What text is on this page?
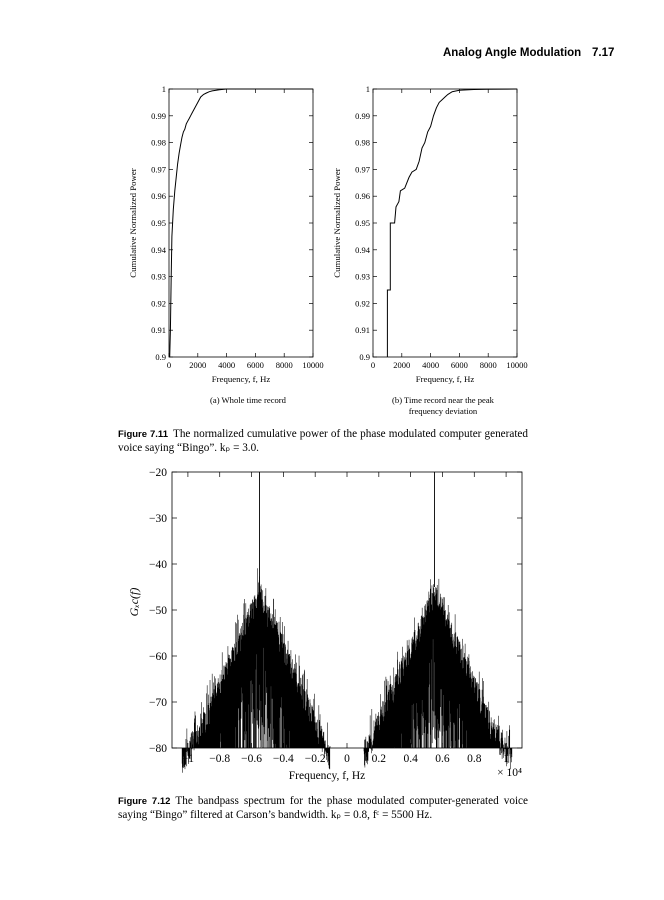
Analog Angle Modulation 7.17
0 2000 4000 6000 8000 10000
0.9
0.91
0.92
0.93
0.94
0.95
0.96
0.97
0.98
0.99
1
Frequency, f, Hz
Cumulative Normalized Power
0 2000 4000 6000 8000 10000
0.9
0.91
0.92
0.93
0.94
0.95
0.96
0.97
0.98
0.99
1
Frequency, f, Hz
Cumulative Normalized Power
−1 −0.8 −0.6 −0.4 −0.2 0 0.2 0.4 0.6 0.8 1
−80
−70
−60
−50
−40
−30
−20
Frequency, f, Hz	× 10⁴
Gₓc(f)
(a) Whole time record	(b) Time record near the peak frequency deviation
Figure 7.11 The normalized cumulative power of the phase modulated computer generated voice saying “Bingo”. kₚ = 3.0.
Figure 7.12 The bandpass spectrum for the phase modulated computer-generated voice saying “Bingo” filtered at Carson’s bandwidth. kₚ = 0.8, fᶜ = 5500 Hz.
